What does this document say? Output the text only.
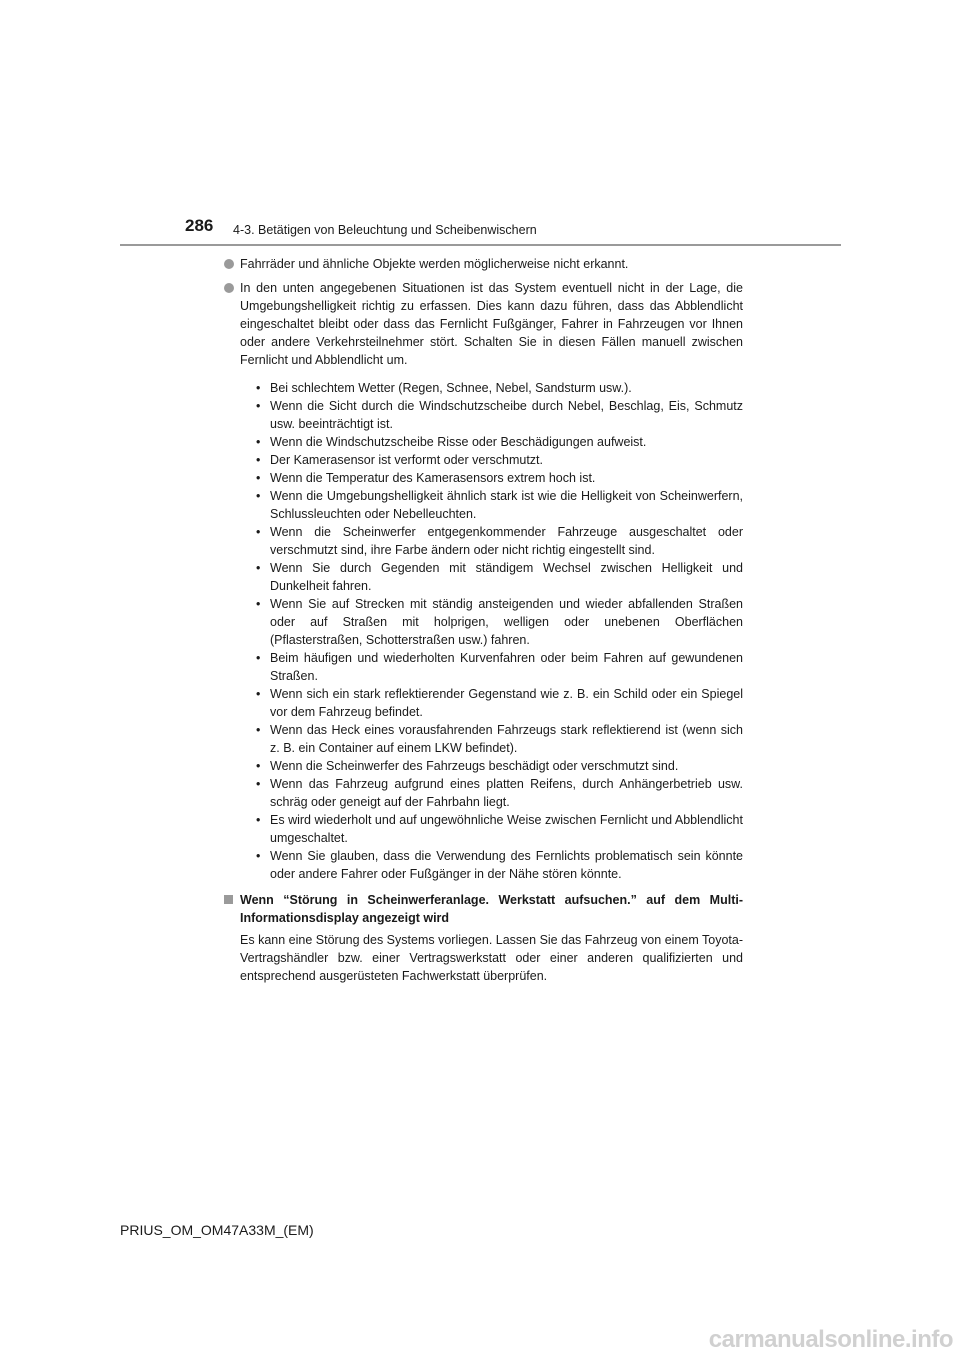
286 4-3. Betätigen von Beleuchtung und Scheibenwischern
Fahrräder und ähnliche Objekte werden möglicherweise nicht erkannt.
In den unten angegebenen Situationen ist das System eventuell nicht in der Lage, die Umgebungshelligkeit richtig zu erfassen. Dies kann dazu führen, dass das Abblendlicht eingeschaltet bleibt oder dass das Fernlicht Fußgänger, Fahrer in Fahrzeugen vor Ihnen oder andere Verkehrsteilnehmer stört. Schalten Sie in diesen Fällen manuell zwischen Fernlicht und Abblendlicht um.
• Bei schlechtem Wetter (Regen, Schnee, Nebel, Sandsturm usw.).
• Wenn die Sicht durch die Windschutzscheibe durch Nebel, Beschlag, Eis, Schmutz usw. beeinträchtigt ist.
• Wenn die Windschutzscheibe Risse oder Beschädigungen aufweist.
• Der Kamerasensor ist verformt oder verschmutzt.
• Wenn die Temperatur des Kamerasensors extrem hoch ist.
• Wenn die Umgebungshelligkeit ähnlich stark ist wie die Helligkeit von Scheinwerfern, Schlussleuchten oder Nebelleuchten.
• Wenn die Scheinwerfer entgegenkommender Fahrzeuge ausgeschaltet oder verschmutzt sind, ihre Farbe ändern oder nicht richtig eingestellt sind.
• Wenn Sie durch Gegenden mit ständigem Wechsel zwischen Helligkeit und Dunkelheit fahren.
• Wenn Sie auf Strecken mit ständig ansteigenden und wieder abfallenden Straßen oder auf Straßen mit holprigen, welligen oder unebenen Oberflächen (Pflasterstraßen, Schotterstraßen usw.) fahren.
• Beim häufigen und wiederholten Kurvenfahren oder beim Fahren auf gewundenen Straßen.
• Wenn sich ein stark reflektierender Gegenstand wie z. B. ein Schild oder ein Spiegel vor dem Fahrzeug befindet.
• Wenn das Heck eines vorausfahrenden Fahrzeugs stark reflektierend ist (wenn sich z. B. ein Container auf einem LKW befindet).
• Wenn die Scheinwerfer des Fahrzeugs beschädigt oder verschmutzt sind.
• Wenn das Fahrzeug aufgrund eines platten Reifens, durch Anhängerbetrieb usw. schräg oder geneigt auf der Fahrbahn liegt.
• Es wird wiederholt und auf ungewöhnliche Weise zwischen Fernlicht und Abblendlicht umgeschaltet.
• Wenn Sie glauben, dass die Verwendung des Fernlichts problematisch sein könnte oder andere Fahrer oder Fußgänger in der Nähe stören könnte.
Wenn “Störung in Scheinwerferanlage. Werkstatt aufsuchen.” auf dem Multi-Informationsdisplay angezeigt wird
Es kann eine Störung des Systems vorliegen. Lassen Sie das Fahrzeug von einem Toyota-Vertragshändler bzw. einer Vertragswerkstatt oder einer anderen qualifizierten und entsprechend ausgerüsteten Fachwerkstatt überprüfen.
PRIUS_OM_OM47A33M_(EM)
carmanualsonline.info
